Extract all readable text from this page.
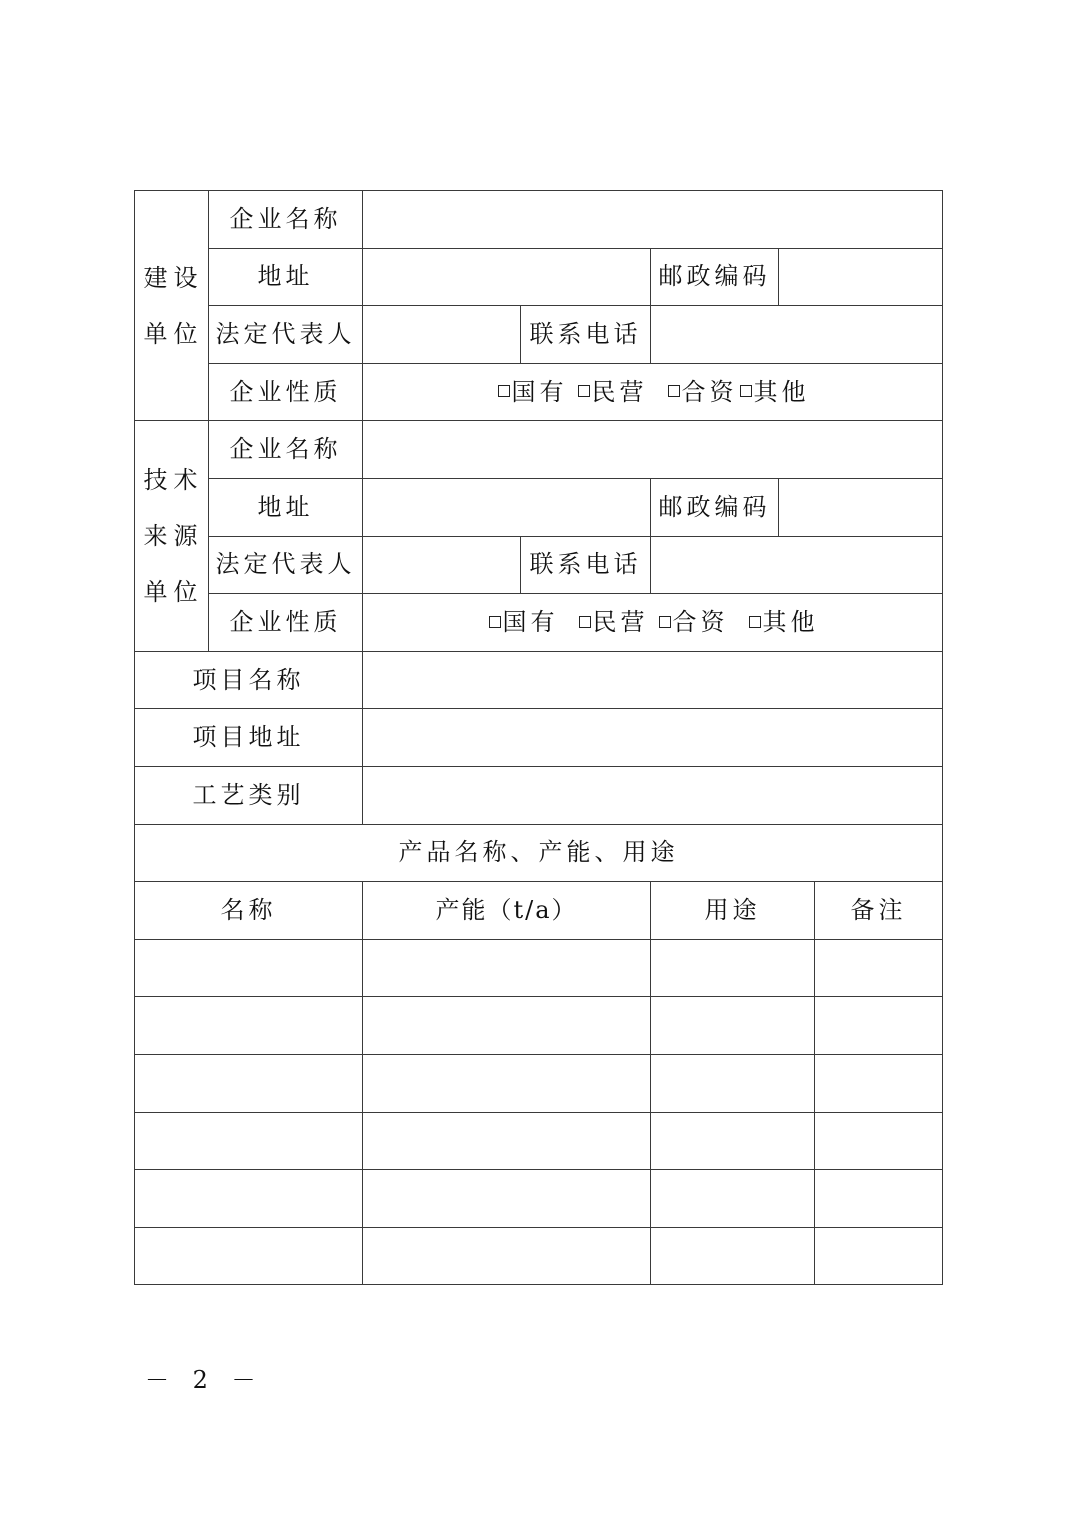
建设
单位	企业名称					

	地址			邮政编码		
	法定代表人		联系电话			
	企业性质	国有 民营 合资 其他				

技术
来源
单位	企业名称					
	地址			邮政编码		
	法定代表人		联系电话			
	企业性质	国有 民营 合资 其他				
项目名称						
项目地址						
工艺类别						
产品名称、产能、用途						
名称		产能（t/a）		用途		备注

－ 2 －
